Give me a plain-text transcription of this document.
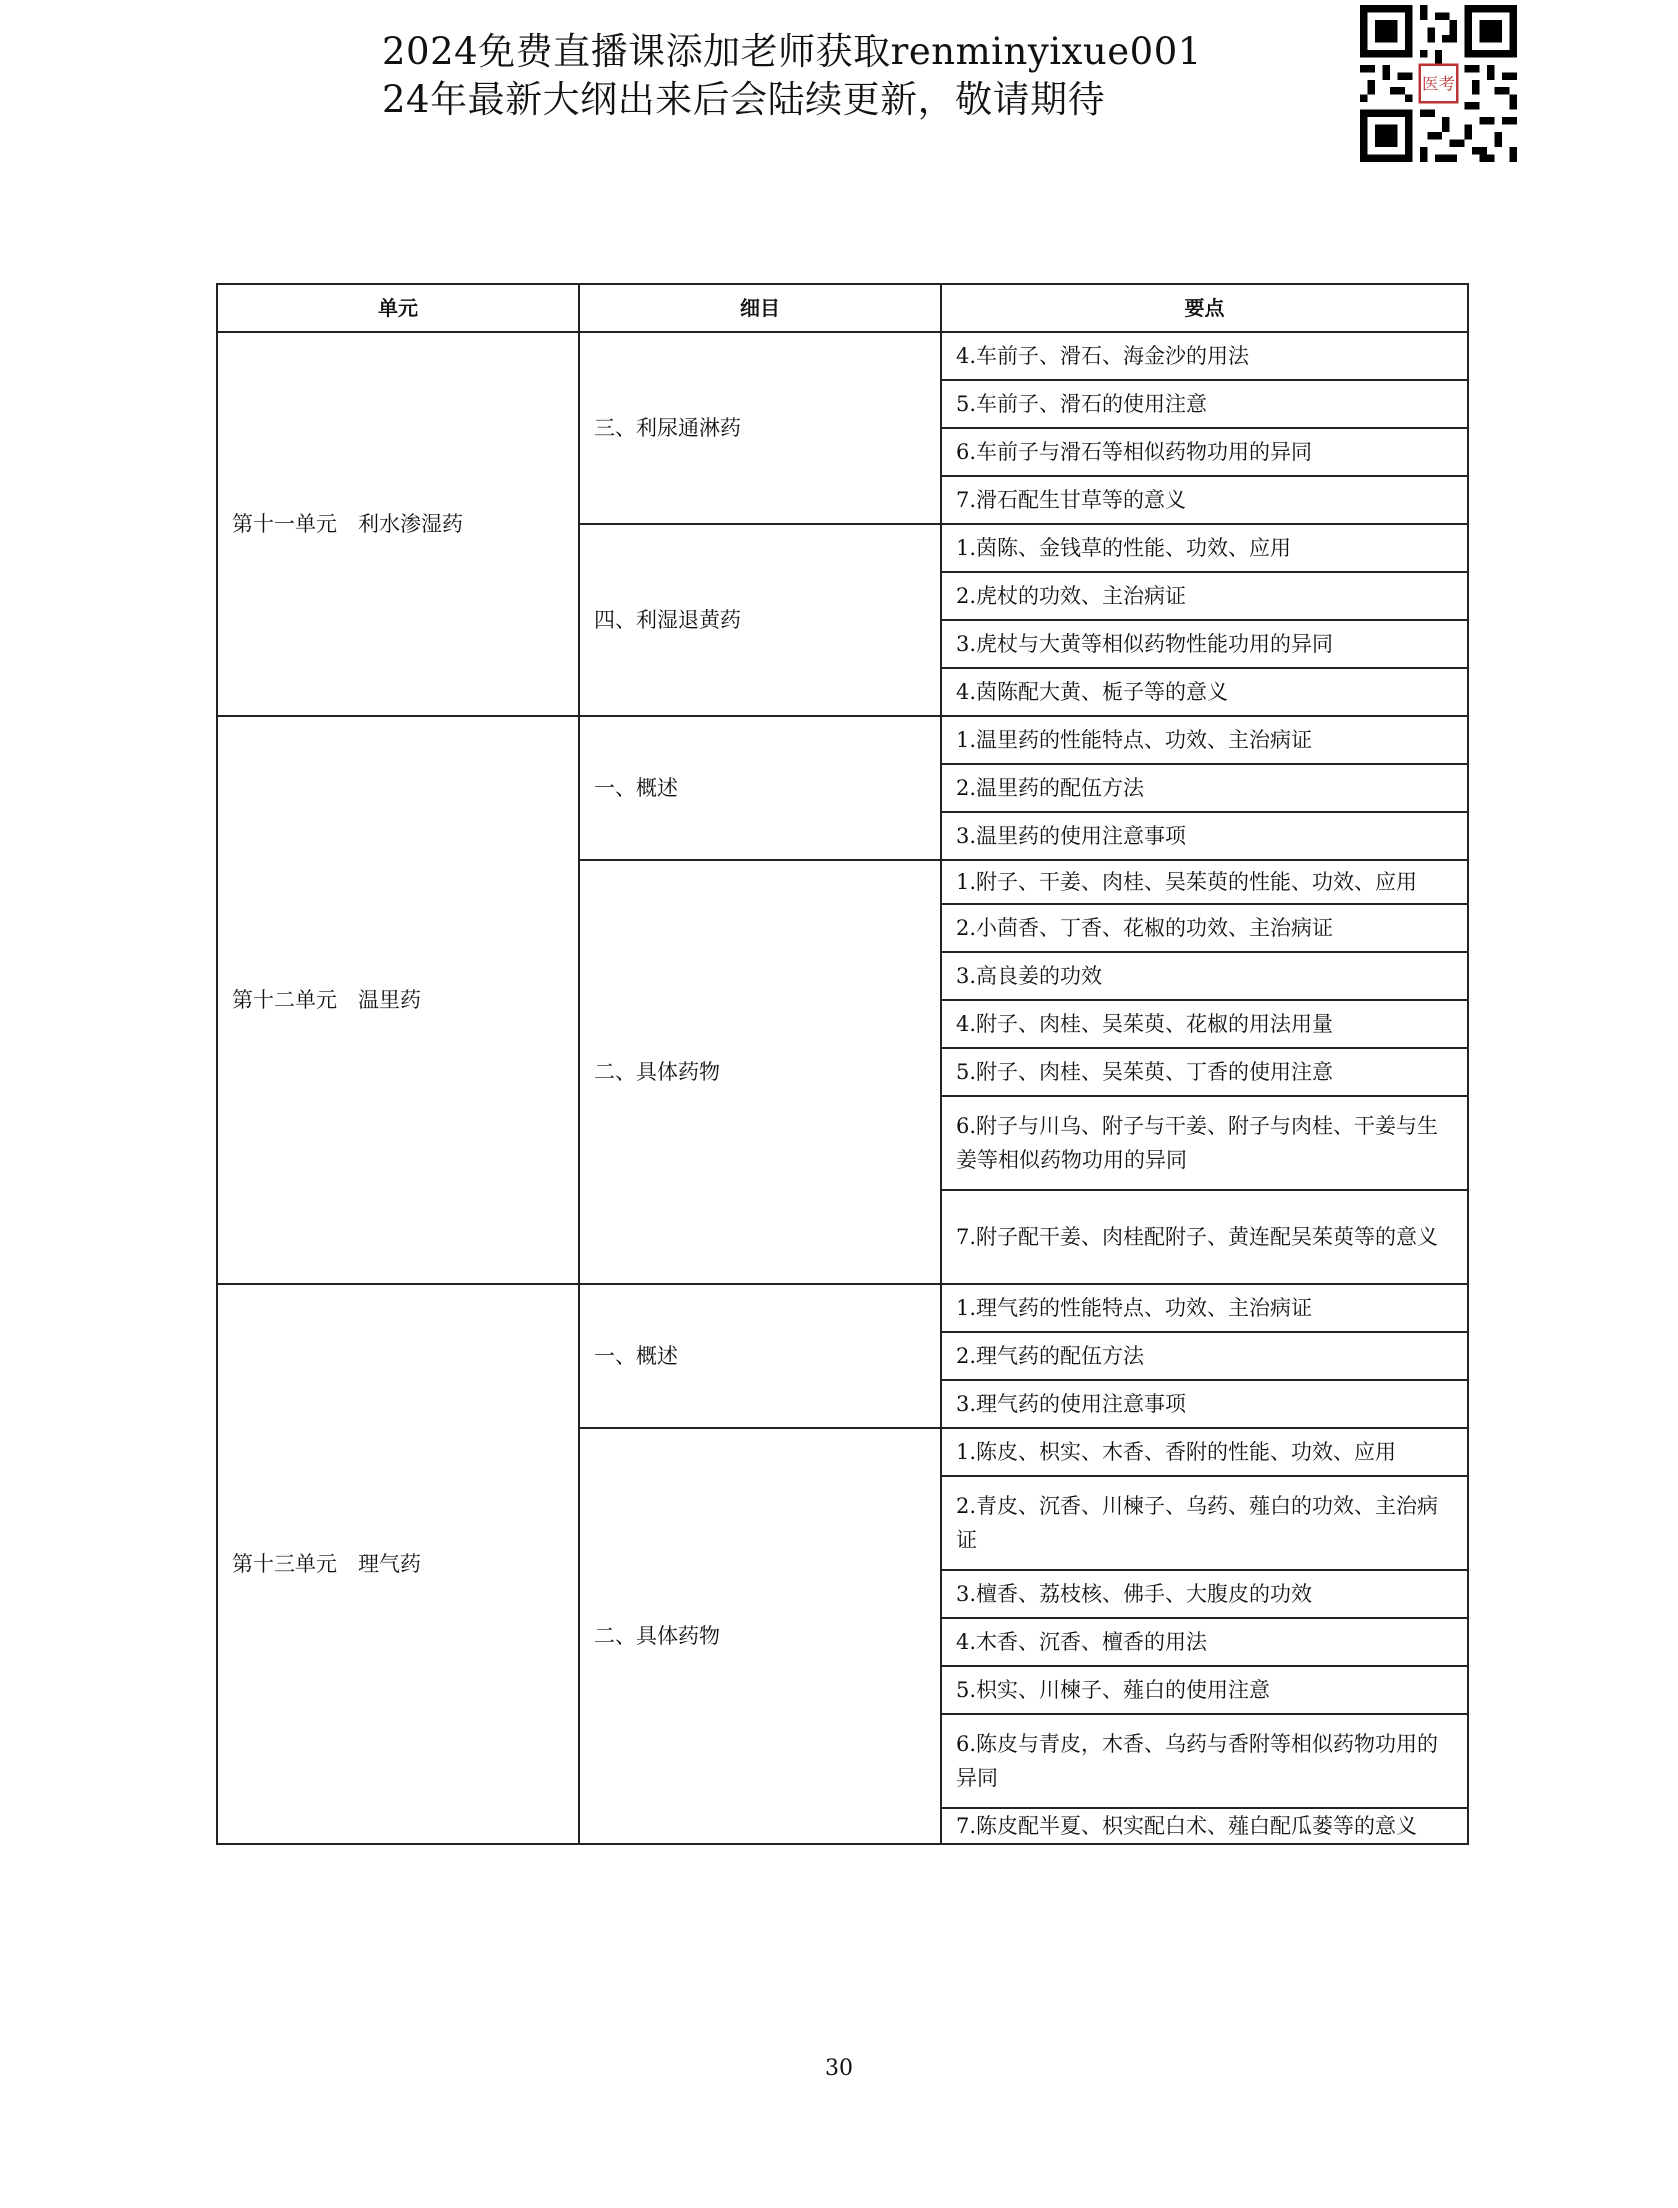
2024免费直播课添加老师获取renminyixue001
24年最新大纲出来后会陆续更新，敬请期待	医考
单元	细目	要点
第十一单元　利水渗湿药	三、利尿通淋药	4.车前子、滑石、海金沙的用法
		5.车前子、滑石的使用注意
		6.车前子与滑石等相似药物功用的异同
		7.滑石配生甘草等的意义
	四、利湿退黄药	1.茵陈、金钱草的性能、功效、应用
		2.虎杖的功效、主治病证
		3.虎杖与大黄等相似药物性能功用的异同
		4.茵陈配大黄、栀子等的意义
第十二单元　温里药	一、概述	1.温里药的性能特点、功效、主治病证
		2.温里药的配伍方法
		3.温里药的使用注意事项
	二、具体药物	1.附子、干姜、肉桂、吴茱萸的性能、功效、应用
		2.小茴香、丁香、花椒的功效、主治病证
		3.高良姜的功效
		4.附子、肉桂、吴茱萸、花椒的用法用量
		5.附子、肉桂、吴茱萸、丁香的使用注意
		6.附子与川乌、附子与干姜、附子与肉桂、干姜与生姜等相似药物功用的异同
		7.附子配干姜、肉桂配附子、黄连配吴茱萸等的意义
第十三单元　理气药	一、概述	1.理气药的性能特点、功效、主治病证
		2.理气药的配伍方法
		3.理气药的使用注意事项
	二、具体药物	1.陈皮、枳实、木香、香附的性能、功效、应用
		2.青皮、沉香、川楝子、乌药、薤白的功效、主治病证
		3.檀香、荔枝核、佛手、大腹皮的功效
		4.木香、沉香、檀香的用法
		5.枳实、川楝子、薤白的使用注意
		6.陈皮与青皮，木香、乌药与香附等相似药物功用的异同
		7.陈皮配半夏、枳实配白术、薤白配瓜蒌等的意义
30
